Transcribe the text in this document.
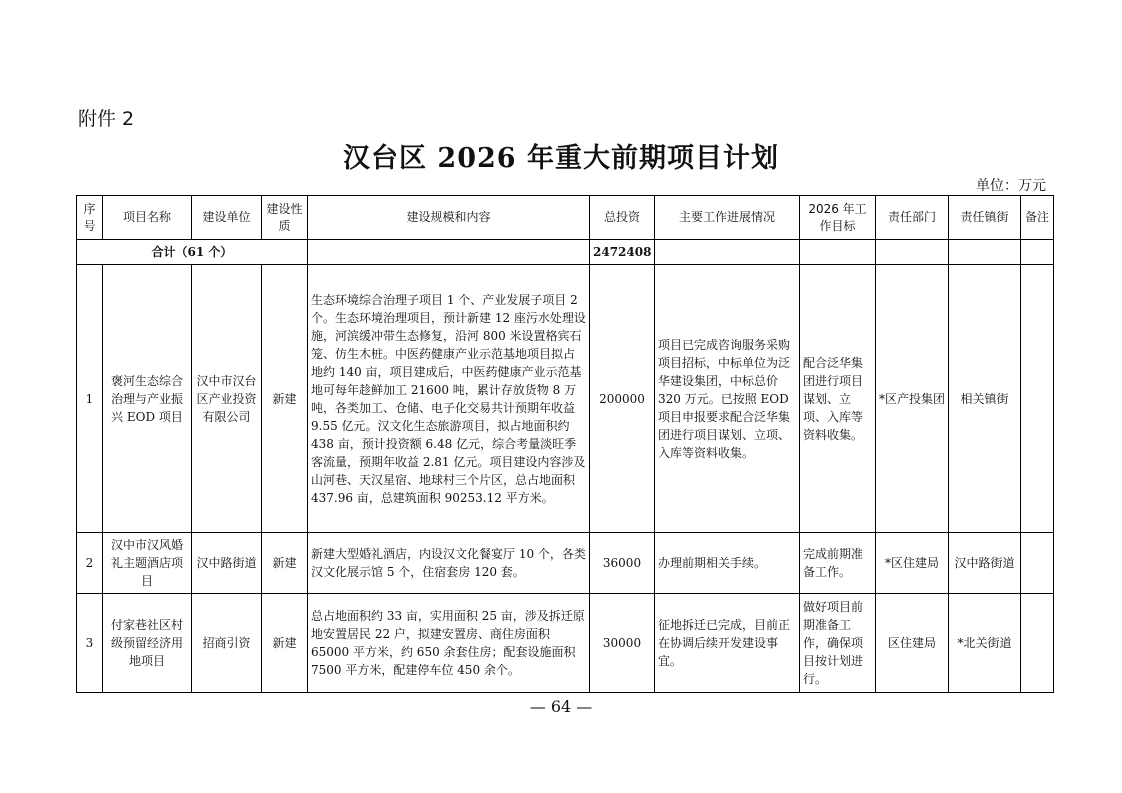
附件 2
汉台区 2026 年重大前期项目计划
单位：万元
序号	项目名称	建设单位	建设性质	建设规模和内容	总投资	主要工作进展情况	2026 年工作目标	责任部门	责任镇街	备注
合计（61 个）					2472408					
1	褒河生态综合治理与产业振兴 EOD 项目	汉中市汉台区产业投资有限公司	新建	生态环境综合治理子项目 1 个、产业发展子项目 2 个。生态环境治理项目，预计新建 12 座污水处理设施，河滨缓冲带生态修复，沿河 800 米设置格宾石笼、仿生木桩。中医药健康产业示范基地项目拟占地约 140 亩，项目建成后，中医药健康产业示范基地可每年趁鲜加工 21600 吨，累计存放货物 8 万吨，各类加工、仓储、电子化交易共计预期年收益 9.55 亿元。汉文化生态旅游项目，拟占地面积约 438 亩，预计投资额 6.48 亿元，综合考量淡旺季客流量，预期年收益 2.81 亿元。项目建设内容涉及山河巷、天汉星宿、地球村三个片区，总占地面积 437.96 亩，总建筑面积 90253.12 平方米。	200000	项目已完成咨询服务采购项目招标，中标单位为泛华建设集团，中标总价 320 万元。已按照 EOD 项目申报要求配合泛华集团进行项目谋划、立项、入库等资料收集。	配合泛华集团进行项目谋划、立项、入库等资料收集。	*区产投集团	相关镇街	
2	汉中市汉风婚礼主题酒店项目	汉中路街道	新建	新建大型婚礼酒店，内设汉文化餐宴厅 10 个，各类汉文化展示馆 5 个，住宿套房 120 套。	36000	办理前期相关手续。	完成前期准备工作。	*区住建局	汉中路街道	
3	付家巷社区村级预留经济用地项目	招商引资	新建	总占地面积约 33 亩，实用面积 25 亩，涉及拆迁原地安置居民 22 户，拟建安置房、商住房面积 65000 平方米，约 650 余套住房；配套设施面积 7500 平方米，配建停车位 450 余个。	30000	征地拆迁已完成，目前正在协调后续开发建设事宜。	做好项目前期准备工作，确保项目按计划进行。	区住建局	*北关街道	
— 64 —
